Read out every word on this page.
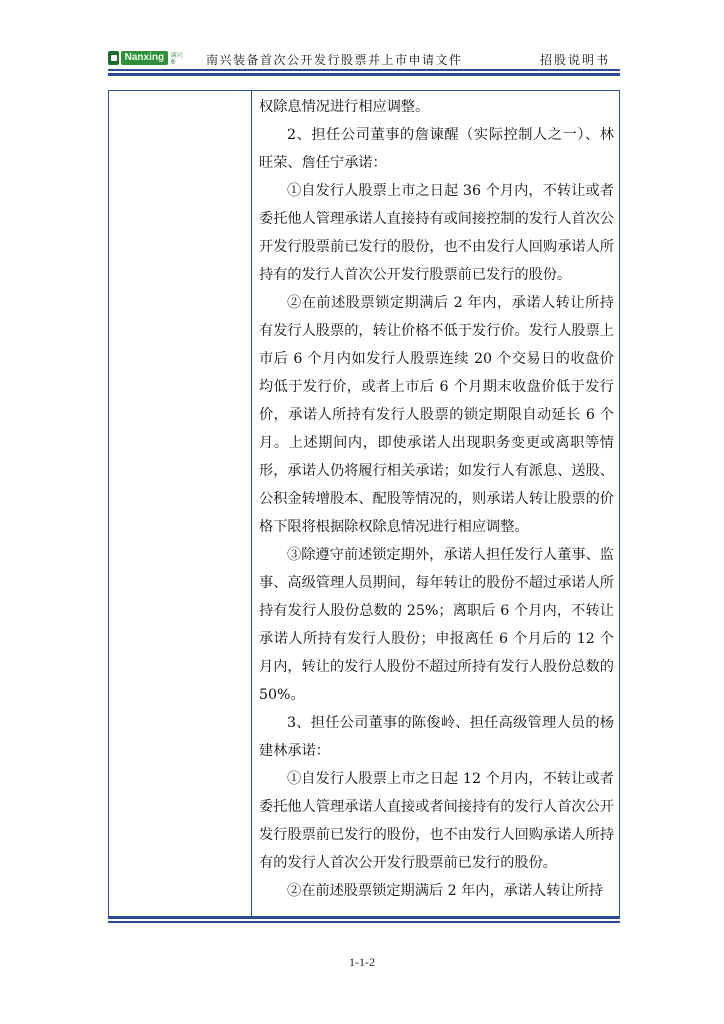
Nanxing	南兴®	南兴装备首次公开发行股票并上市申请文件	招股说明书

权除息情况进行相应调整。

2、担任公司董事的詹谏醒（实际控制人之一）、林旺荣、詹任宁承诺：

①自发行人股票上市之日起 36 个月内，不转让或者委托他人管理承诺人直接持有或间接控制的发行人首次公开发行股票前已发行的股份，也不由发行人回购承诺人所持有的发行人首次公开发行股票前已发行的股份。

②在前述股票锁定期满后 2 年内，承诺人转让所持有发行人股票的，转让价格不低于发行价。发行人股票上市后 6 个月内如发行人股票连续 20 个交易日的收盘价均低于发行价，或者上市后 6 个月期末收盘价低于发行价，承诺人所持有发行人股票的锁定期限自动延长 6 个月。上述期间内，即使承诺人出现职务变更或离职等情形，承诺人仍将履行相关承诺；如发行人有派息、送股、公积金转增股本、配股等情况的，则承诺人转让股票的价格下限将根据除权除息情况进行相应调整。

③除遵守前述锁定期外，承诺人担任发行人董事、监事、高级管理人员期间，每年转让的股份不超过承诺人所持有发行人股份总数的 25%；离职后 6 个月内，不转让承诺人所持有发行人股份；申报离任 6 个月后的 12 个月内，转让的发行人股份不超过所持有发行人股份总数的 50%。

3、担任公司董事的陈俊岭、担任高级管理人员的杨建林承诺：

①自发行人股票上市之日起 12 个月内，不转让或者委托他人管理承诺人直接或者间接持有的发行人首次公开发行股票前已发行的股份，也不由发行人回购承诺人所持有的发行人首次公开发行股票前已发行的股份。

②在前述股票锁定期满后 2 年内，承诺人转让所持

1-1-2
